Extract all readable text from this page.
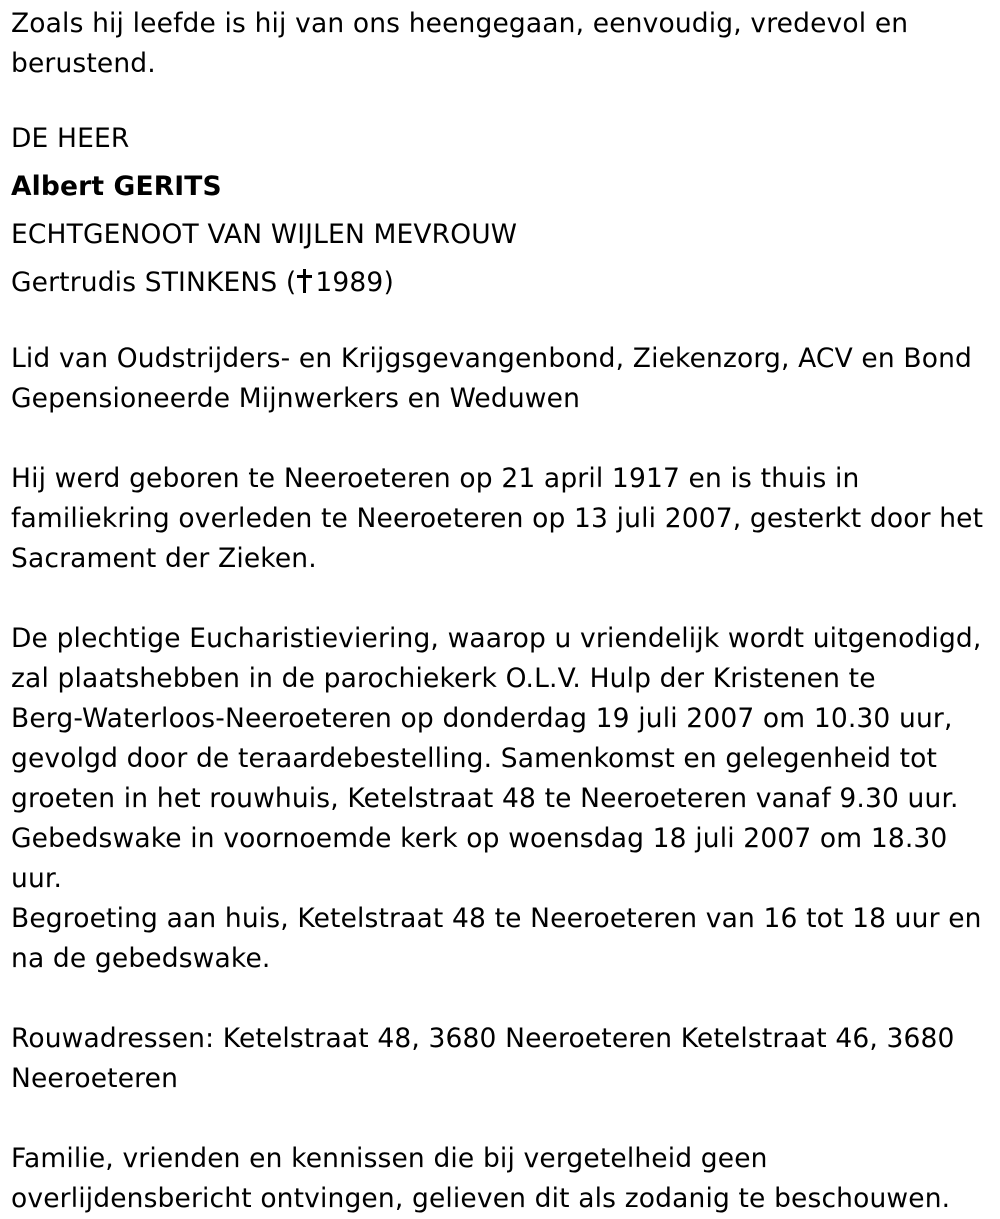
Zoals hij leefde is hij van ons heengegaan, eenvoudig, vredevol en berustend.

DE HEER

Albert GERITS

ECHTGENOOT VAN WIJLEN MEVROUW

Gertrudis STINKENS ( 1989)

Lid van Oudstrijders- en Krijgsgevangenbond, Ziekenzorg, ACV en Bond Gepensioneerde Mijnwerkers en Weduwen

Hij werd geboren te Neeroeteren op 21 april 1917 en is thuis in familiekring overleden te Neeroeteren op 13 juli 2007, gesterkt door het Sacrament der Zieken.

De plechtige Eucharistieviering, waarop u vriendelijk wordt uitgenodigd,

zal plaatshebben in de parochiekerk O.L.V. Hulp der Kristenen te

Berg-Waterloos-Neeroeteren op donderdag 19 juli 2007 om 10.30 uur,

gevolgd door de teraardebestelling. Samenkomst en gelegenheid tot

groeten in het rouwhuis, Ketelstraat 48 te Neeroeteren vanaf 9.30 uur.

Gebedswake in voornoemde kerk op woensdag 18 juli 2007 om 18.30 uur.

Begroeting aan huis, Ketelstraat 48 te Neeroeteren van 16 tot 18 uur en

na de gebedswake.

Rouwadressen: Ketelstraat 48, 3680 Neeroeteren Ketelstraat 46, 3680 Neeroeteren

Familie, vrienden en kennissen die bij vergetelheid geen overlijdensbericht ontvingen, gelieven dit als zodanig te beschouwen.
